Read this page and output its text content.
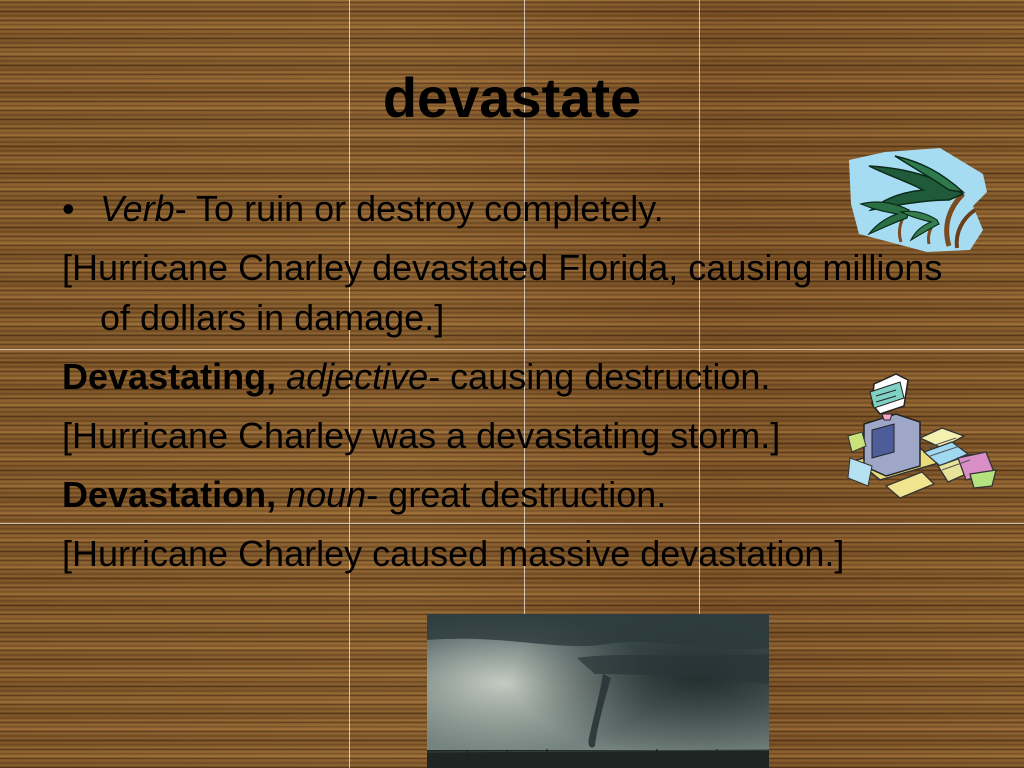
devastate

• Verb- To ruin or destroy completely.

[Hurricane Charley devastated Florida, causing millions of dollars in damage.]

Devastating, adjective- causing destruction.

[Hurricane Charley was a devastating storm.]

Devastation, noun- great destruction.

[Hurricane Charley caused massive devastation.]
